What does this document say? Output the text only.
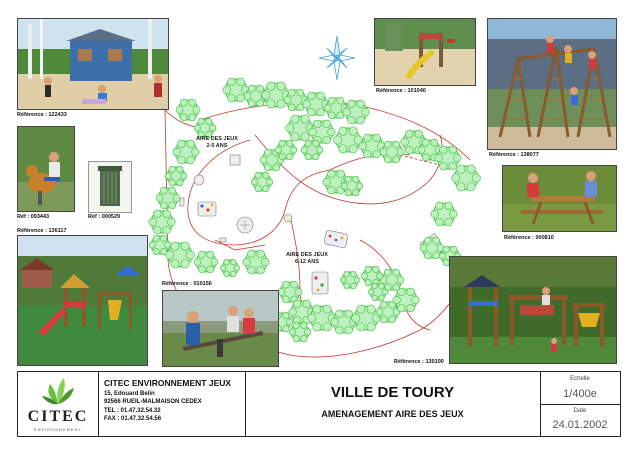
AIRE DES JEUX
2-5 ANS
AIRE DES JEUX
6-12 ANS
Référence : 122433
Référence : 101040
Référence : 138077
Réf : 093443	Réf : 000529
Référence : 000810
Référence : 136117
Référence : 010156
Référence : 130100
CITEC
ENVIRONNEMENT
CITEC ENVIRONNEMENT JEUX
15, Edouard Belin
92566 RUEIL-MALMAISON CEDEX
TEL : 01.47.32.54.32
FAX : 01.47.32.54.56
VILLE DE TOURY
AMENAGEMENT AIRE DES JEUX
Echelle
1/400e
Date
24.01.2002
